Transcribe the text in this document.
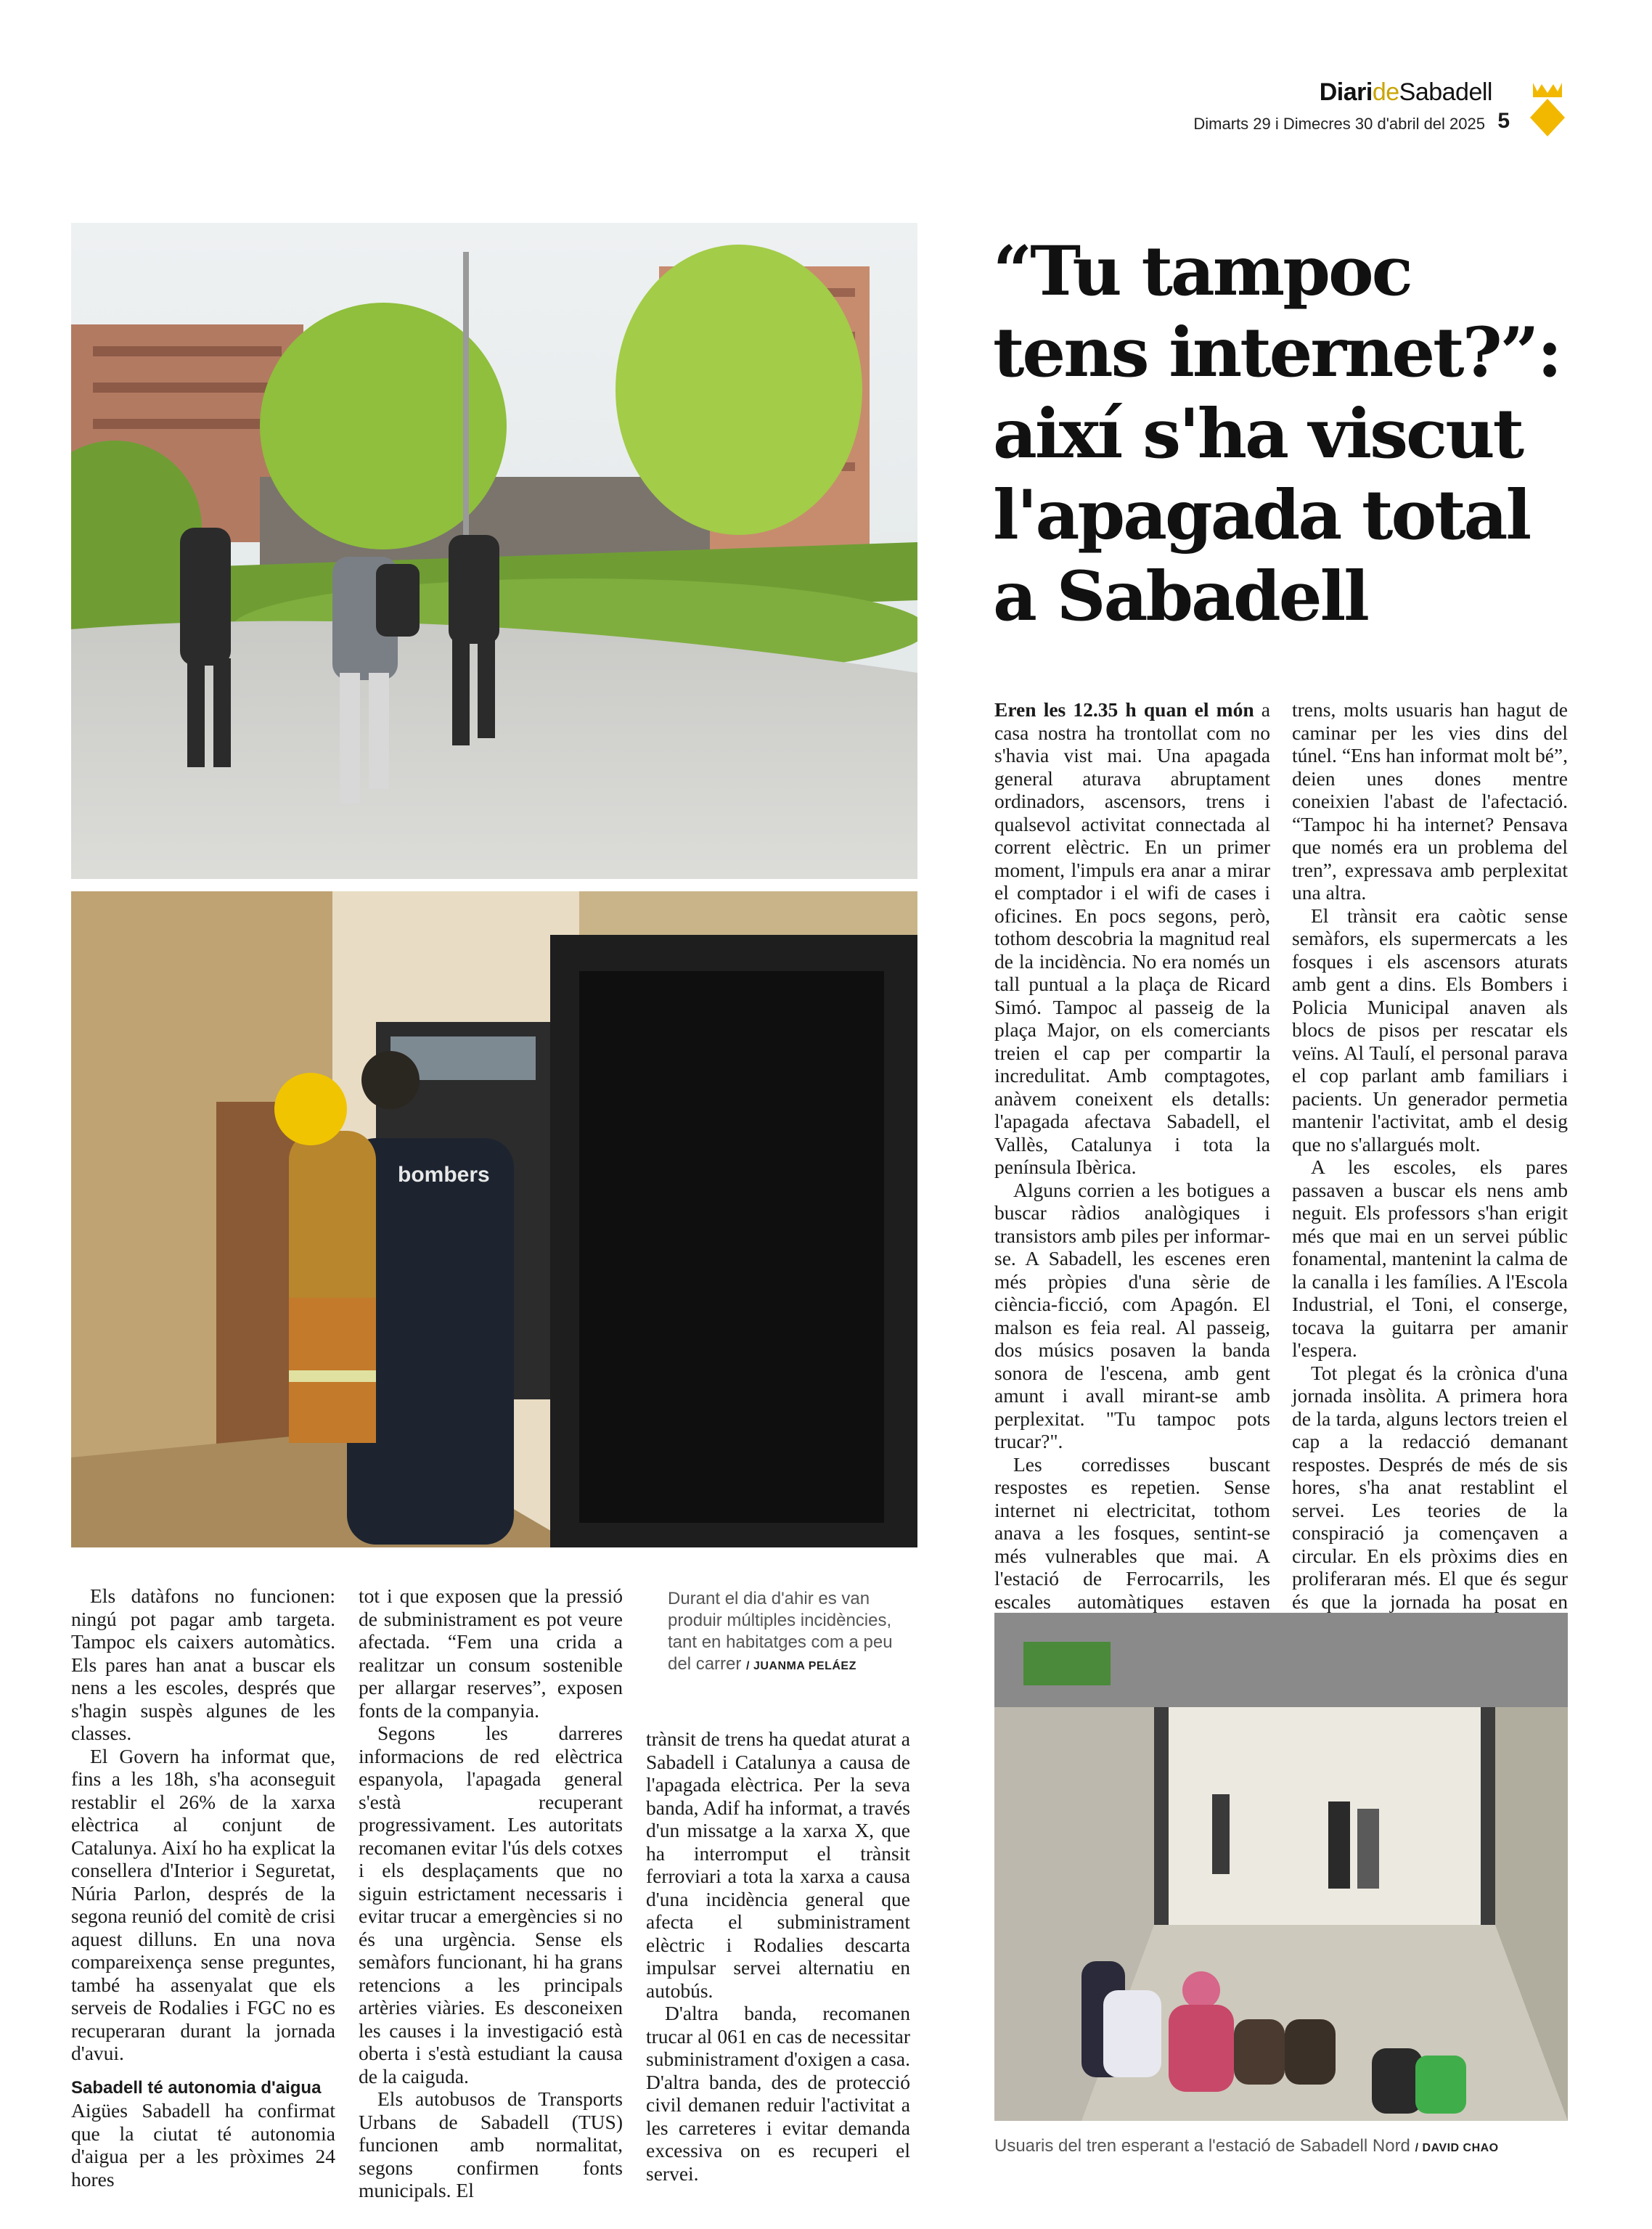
DiarideSabadell
Dimarts 29 i Dimecres 30 d'abril del 2025 5
bombers
“Tu tampoc
tens internet?”:
així s'ha viscut
l'apagada total
a Sabadell

Eren les 12.35 h quan el món a casa nostra ha trontollat com no s'havia vist mai. Una apagada general aturava abruptament ordinadors, ascensors, trens i qualsevol activitat connectada al corrent elèctric. En un primer moment, l'impuls era anar a mirar el comptador i el wifi de cases i oficines. En pocs segons, però, tothom descobria la magnitud real de la incidència. No era només un tall puntual a la plaça de Ricard Simó. Tampoc al passeig de la plaça Major, on els comerciants treien el cap per compartir la incredulitat. Amb comptagotes, anàvem coneixent els detalls: l'apagada afectava Sabadell, el Vallès, Catalunya i tota la península Ibèrica.

Alguns corrien a les botigues a buscar ràdios analògiques i transistors amb piles per informar-se. A Sabadell, les escenes eren més pròpies d'una sèrie de ciència-ficció, com Apagón. El malson es feia real. Al passeig, dos músics posaven la banda sonora de l'escena, amb gent amunt i avall mirant-se amb perplexitat. "Tu tampoc pots trucar?".

Les corredisses buscant respostes es repetien. Sense internet ni electricitat, tothom anava a les fosques, sentint-se més vulnerables que mai. A l'estació de Ferrocarrils, les escales automàtiques estaven

trens, molts usuaris han hagut de caminar per les vies dins del túnel. “Ens han informat molt bé”, deien unes dones mentre coneixien l'abast de l'afectació. “Tampoc hi ha internet? Pensava que només era un problema del tren”, expressava amb perplexitat una altra.

El trànsit era caòtic sense semàfors, els supermercats a les fosques i els ascensors aturats amb gent a dins. Els Bombers i Policia Municipal anaven als blocs de pisos per rescatar els veïns. Al Taulí, el personal parava el cop parlant amb familiars i pacients. Un generador permetia mantenir l'activitat, amb el desig que no s'allargués molt.

A les escoles, els pares passaven a buscar els nens amb neguit. Els professors s'han erigit més que mai en un servei públic fonamental, mantenint la calma de la canalla i les famílies. A l'Escola Industrial, el Toni, el conserge, tocava la guitarra per amanir l'espera.

Tot plegat és la crònica d'una jornada insòlita. A primera hora de la tarda, alguns lectors treien el cap a la redacció demanant respostes. Després de més de sis hores, s'ha anat restablint el servei. Les teories de la conspiració ja començaven a circular. En els pròxims dies en proliferaran més. El que és segur és que la jornada ha posat en

Els datàfons no funcionen: ningú pot pagar amb targeta. Tampoc els caixers automàtics. Els pares han anat a buscar els nens a les escoles, després que s'hagin suspès algunes de les classes.

El Govern ha informat que, fins a les 18h, s'ha aconseguit restablir el 26% de la xarxa elèctrica al conjunt de Catalunya. Així ho ha explicat la consellera d'Interior i Seguretat, Núria Parlon, després de la segona reunió del comitè de crisi aquest dilluns. En una nova compareixença sense preguntes, també ha assenyalat que els serveis de Rodalies i FGC no es recuperaran durant la jornada d'avui.

Sabadell té autonomia d'aigua

Aigües Sabadell ha confirmat que la ciutat té autonomia d'aigua per a les pròximes 24 hores

tot i que exposen que la pressió de subministrament es pot veure afectada. “Fem una crida a realitzar un consum sostenible per allargar reserves”, exposen fonts de la companyia.

Segons les darreres informacions de red elèctrica espanyola, l'apagada general s'està recuperant progressivament. Les autoritats recomanen evitar l'ús dels cotxes i els desplaçaments que no siguin estrictament necessaris i evitar trucar a emergències si no és una urgència. Sense els semàfors funcionant, hi ha grans retencions a les principals artèries viàries. Es desconeixen les causes i la investigació està oberta i s'està estudiant la causa de la caiguda.

Els autobusos de Transports Urbans de Sabadell (TUS) funcionen amb normalitat, segons confirmen fonts municipals. El

Durant el dia d'ahir es van produir múltiples incidències, tant en habitatges com a peu del carrer / JUANMA PELÁEZ

trànsit de trens ha quedat aturat a Sabadell i Catalunya a causa de l'apagada elèctrica. Per la seva banda, Adif ha informat, a través d'un missatge a la xarxa X, que ha interromput el trànsit ferroviari a tota la xarxa a causa d'una incidència general que afecta el subministrament elèctric i Rodalies descarta impulsar servei alternatiu en autobús.

D'altra banda, recomanen trucar al 061 en cas de necessitar subministrament d'oxigen a casa. D'altra banda, des de protecció civil demanen reduir l'activitat a les carreteres i evitar demanda excessiva on es recuperi el servei.

Usuaris del tren esperant a l'estació de Sabadell Nord / DAVID CHAO
